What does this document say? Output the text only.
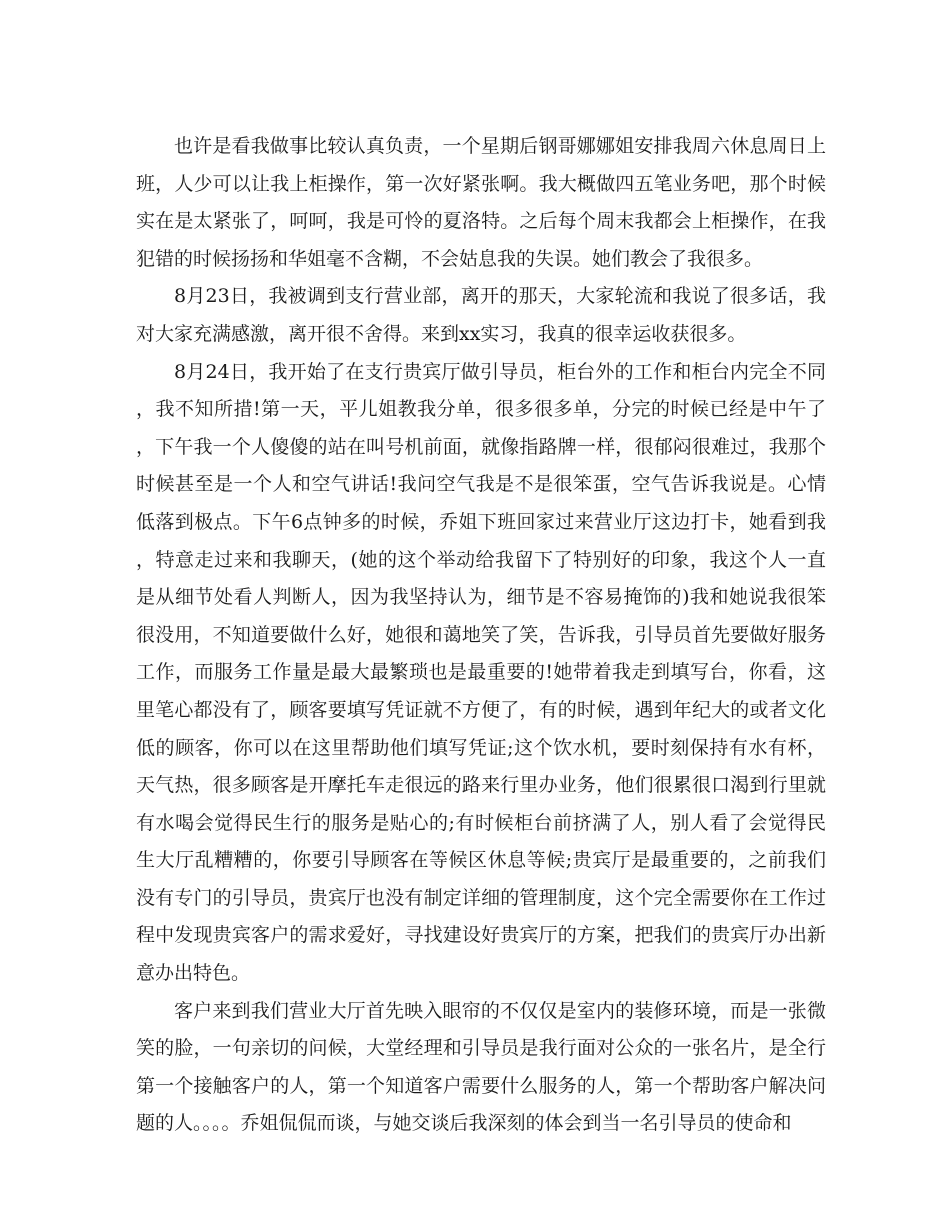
也许是看我做事比较认真负责，一个星期后钢哥娜娜姐安排我周六休息周日上班，人少可以让我上柜操作，第一次好紧张啊。我大概做四五笔业务吧，那个时候实在是太紧张了，呵呵，我是可怜的夏洛特。之后每个周末我都会上柜操作，在我犯错的时候扬扬和华姐毫不含糊，不会姑息我的失误。她们教会了我很多。

8月23日，我被调到支行营业部，离开的那天，大家轮流和我说了很多话，我对大家充满感激，离开很不舍得。来到xx实习，我真的很幸运收获很多。

8月24日，我开始了在支行贵宾厅做引导员，柜台外的工作和柜台内完全不同，我不知所措!第一天，平儿姐教我分单，很多很多单，分完的时候已经是中午了，下午我一个人傻傻的站在叫号机前面，就像指路牌一样，很郁闷很难过，我那个时候甚至是一个人和空气讲话!我问空气我是不是很笨蛋，空气告诉我说是。心情低落到极点。下午6点钟多的时候，乔姐下班回家过来营业厅这边打卡，她看到我，特意走过来和我聊天，(她的这个举动给我留下了特别好的印象，我这个人一直是从细节处看人判断人，因为我坚持认为，细节是不容易掩饰的)我和她说我很笨很没用，不知道要做什么好，她很和蔼地笑了笑，告诉我，引导员首先要做好服务工作，而服务工作量是最大最繁琐也是最重要的!她带着我走到填写台，你看，这里笔心都没有了，顾客要填写凭证就不方便了，有的时候，遇到年纪大的或者文化低的顾客，你可以在这里帮助他们填写凭证;这个饮水机，要时刻保持有水有杯，天气热，很多顾客是开摩托车走很远的路来行里办业务，他们很累很口渴到行里就有水喝会觉得民生行的服务是贴心的;有时候柜台前挤满了人，别人看了会觉得民生大厅乱糟糟的，你要引导顾客在等候区休息等候;贵宾厅是最重要的，之前我们没有专门的引导员，贵宾厅也没有制定详细的管理制度，这个完全需要你在工作过程中发现贵宾客户的需求爱好，寻找建设好贵宾厅的方案，把我们的贵宾厅办出新意办出特色。

客户来到我们营业大厅首先映入眼帘的不仅仅是室内的装修环境，而是一张微笑的脸，一句亲切的问候，大堂经理和引导员是我行面对公众的一张名片，是全行第一个接触客户的人，第一个知道客户需要什么服务的人，第一个帮助客户解决问题的人。。。。乔姐侃侃而谈，与她交谈后我深刻的体会到当一名引导员的使命和
